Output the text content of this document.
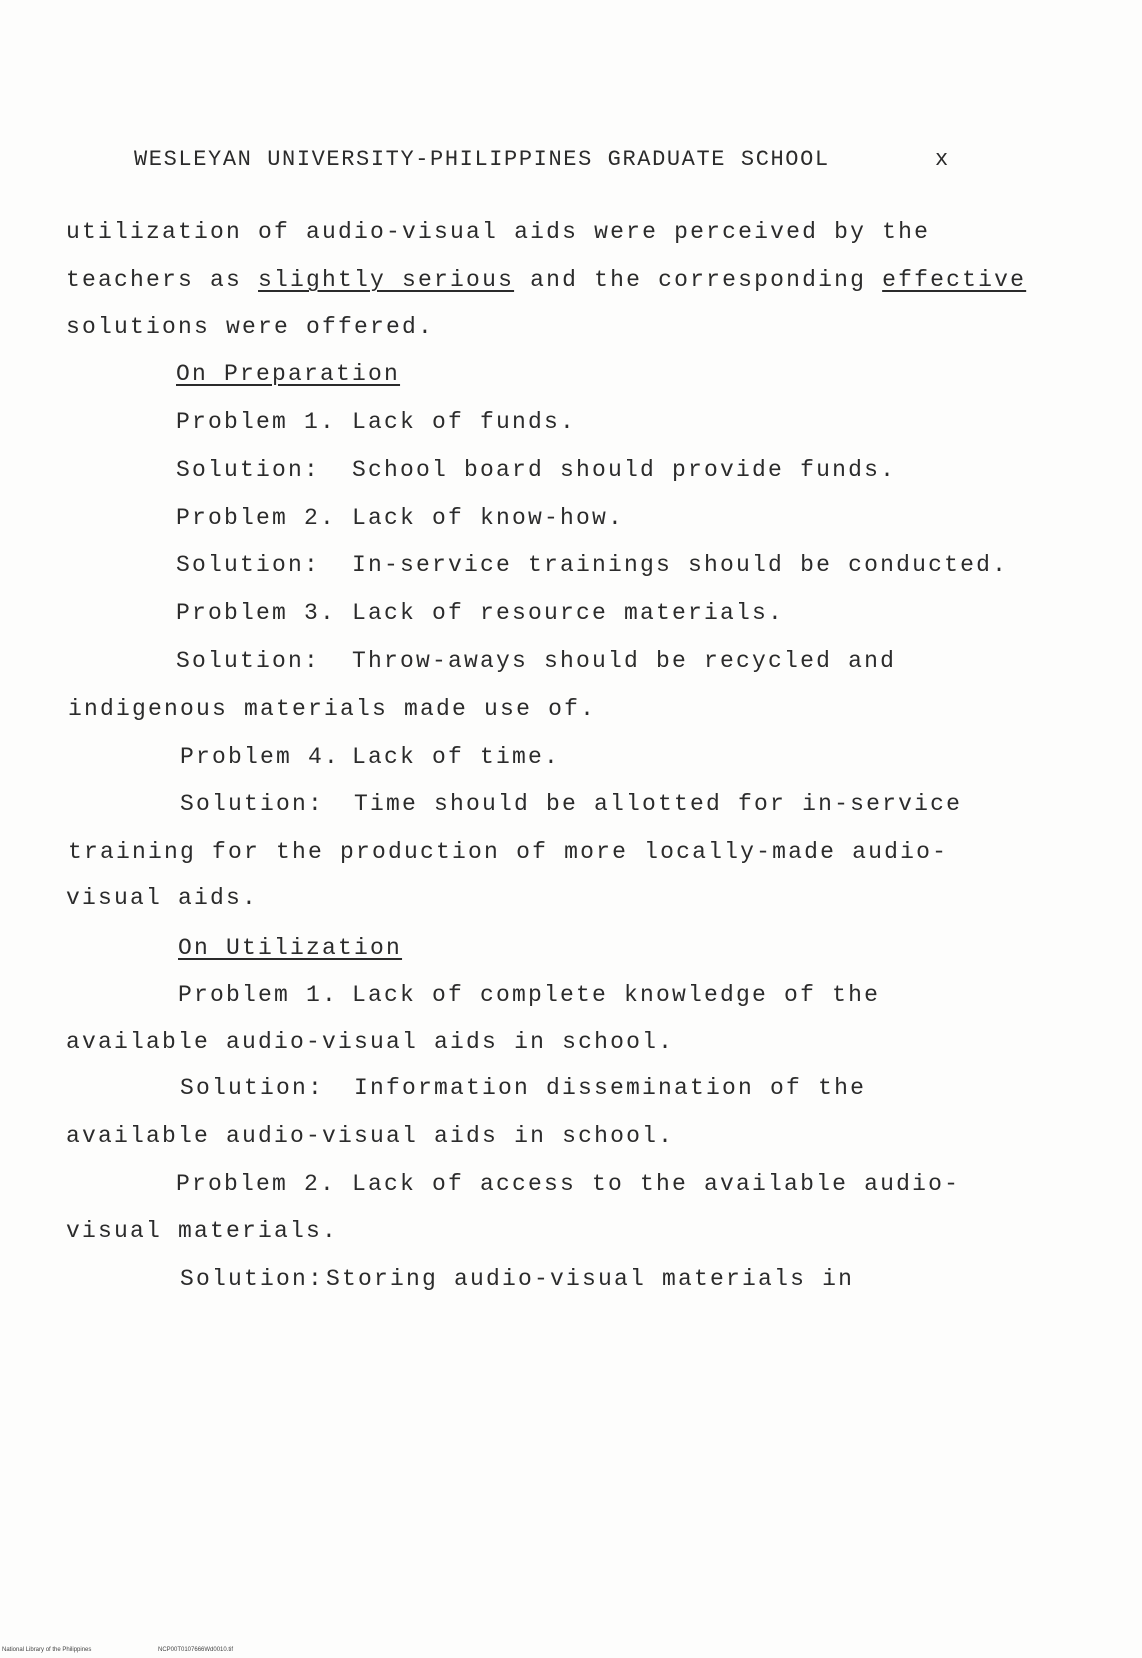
WESLEYAN UNIVERSITY-PHILIPPINES GRADUATE SCHOOL	x
utilization of audio-visual aids were perceived by the
teachers as slightly serious and the corresponding effective
solutions were offered.
On Preparation
Problem 1. Lack of funds.
Solution: School board should provide funds.
Problem 2. Lack of know-how.
Solution: In-service trainings should be conducted.
Problem 3. Lack of resource materials.
Solution: Throw-aways should be recycled and
indigenous materials made use of.
Problem 4. Lack of time.
Solution: Time should be allotted for in-service
training for the production of more locally-made audio-
visual aids.
On Utilization
Problem 1. Lack of complete knowledge of the
available audio-visual aids in school.
Solution: Information dissemination of the
available audio-visual aids in school.
Problem 2. Lack of access to the available audio-
visual materials.
Solution: Storing audio-visual materials in
National Library of the Philippines	NCP00T0107666Wd0010.tif
